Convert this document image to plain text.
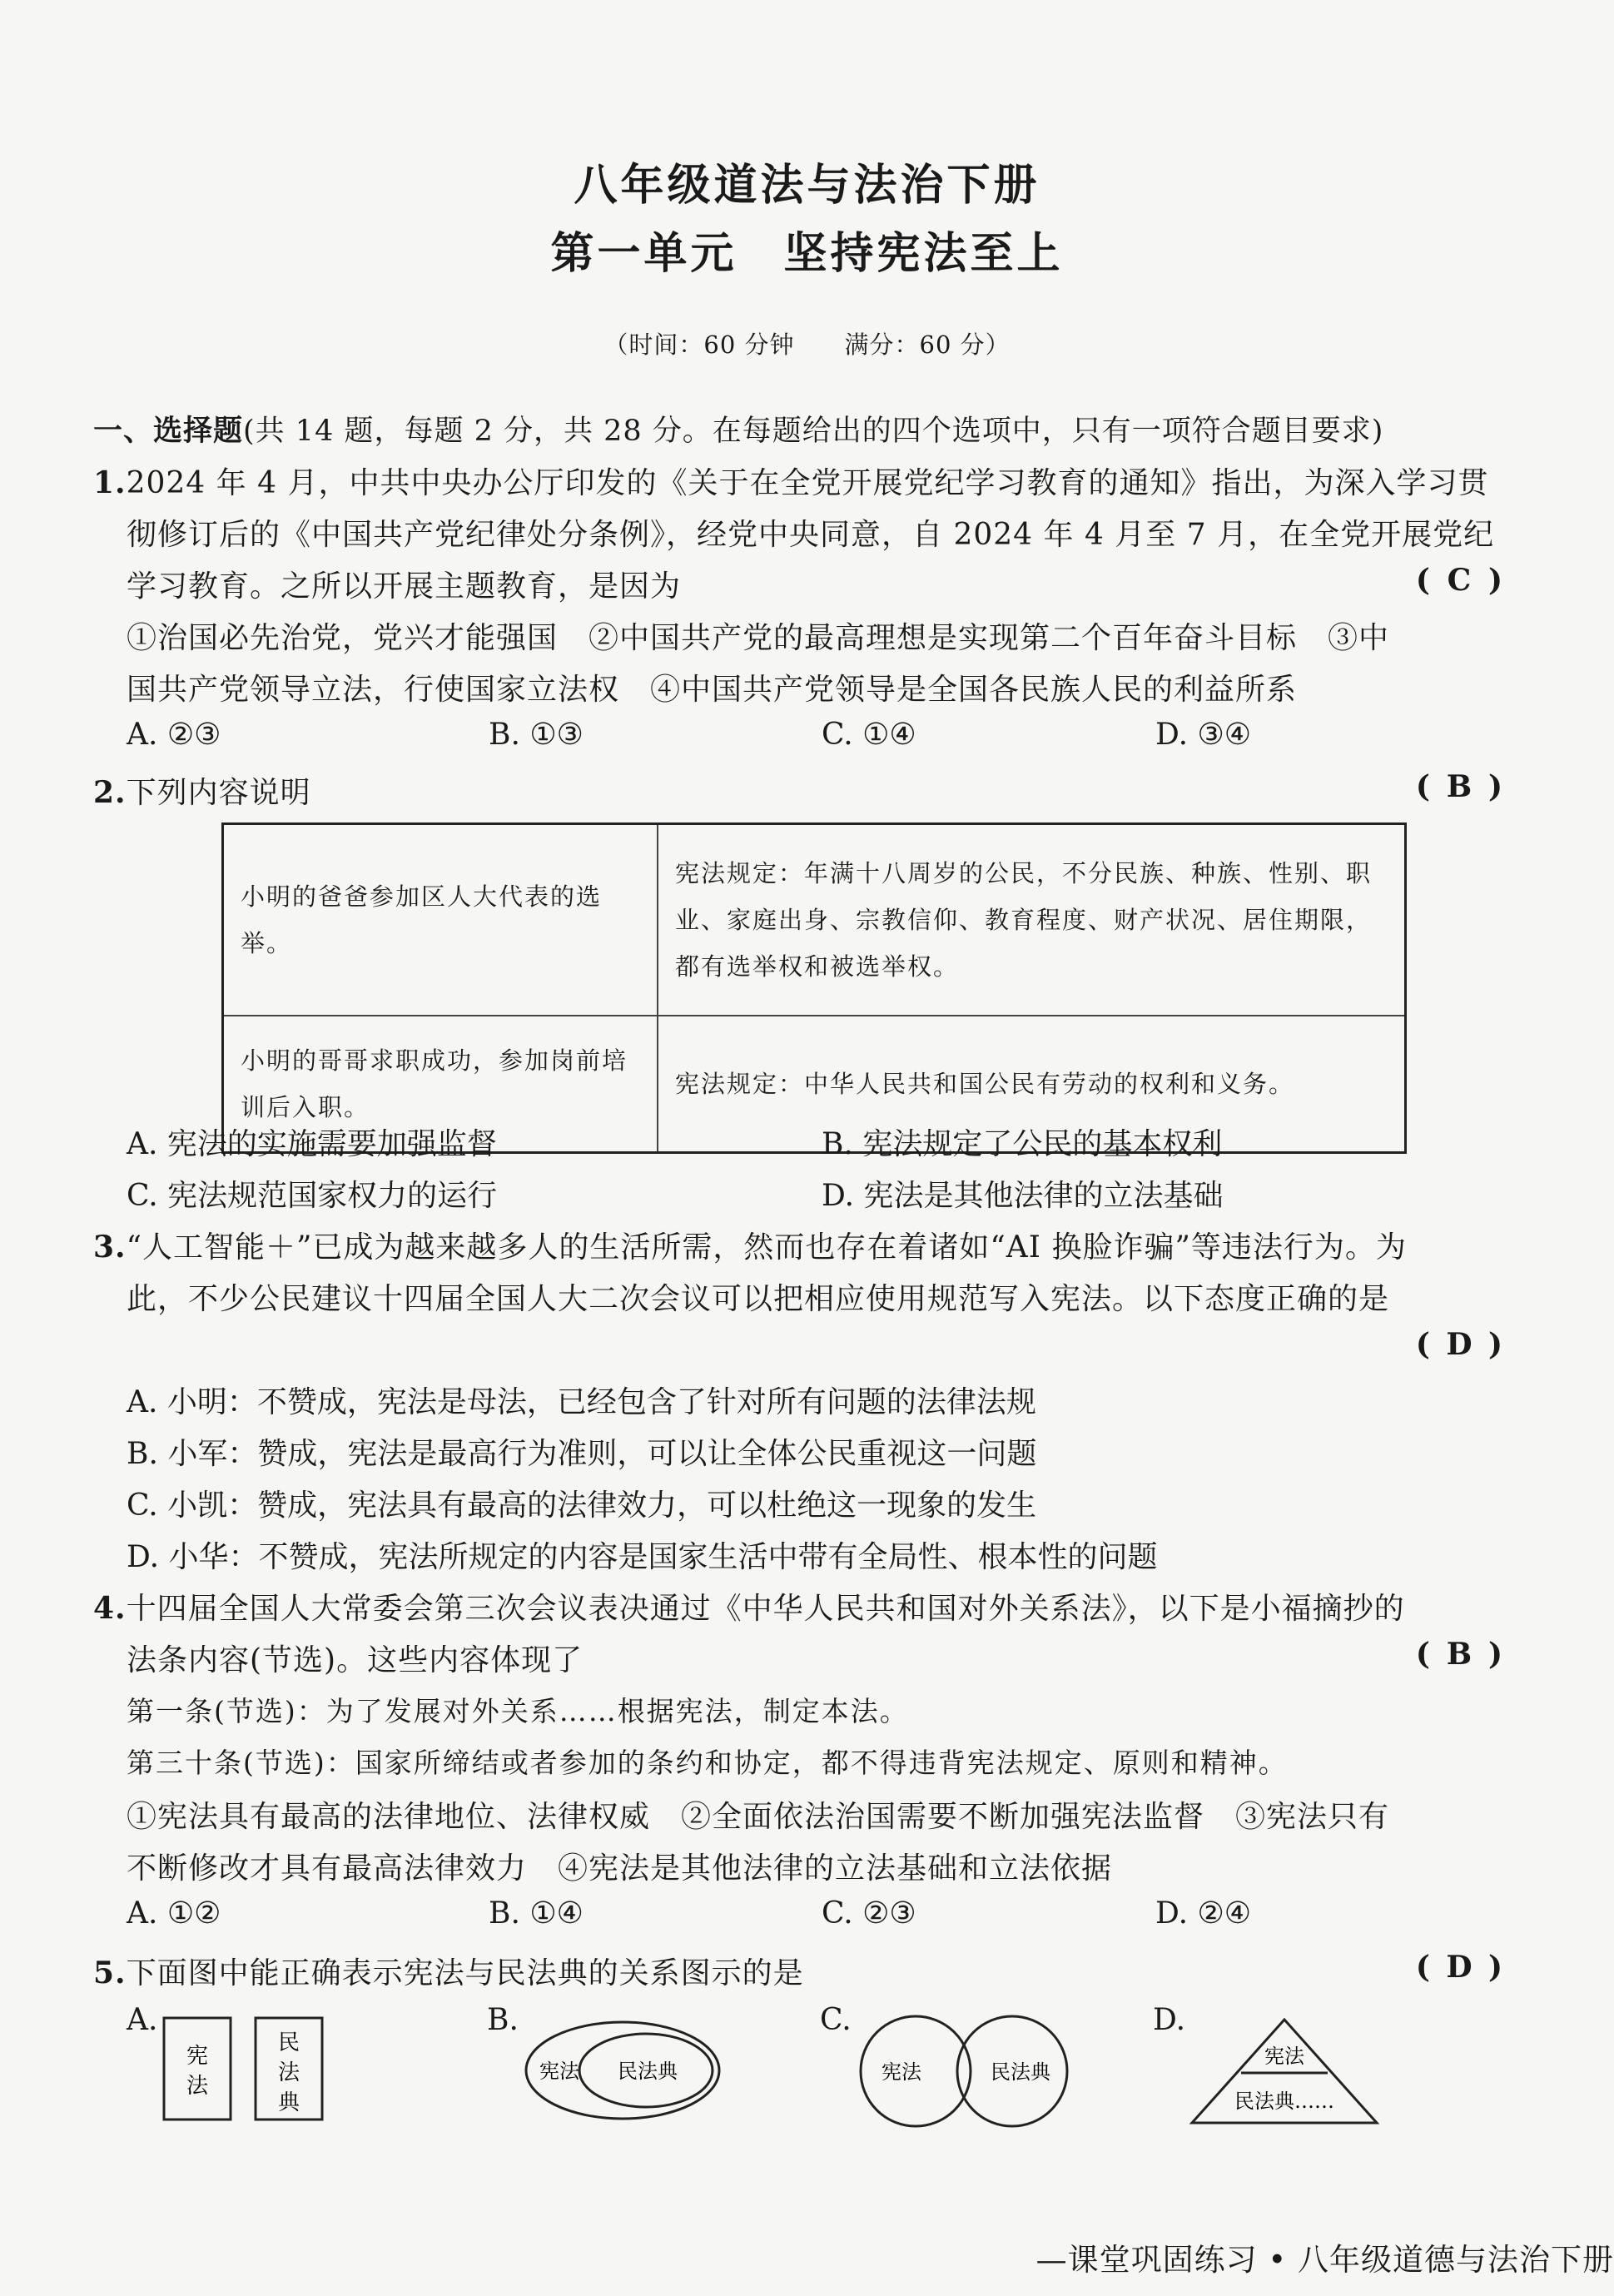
八年级道法与法治下册
第一单元　坚持宪法至上
（时间：60 分钟　　满分：60 分）
一、选择题(共 14 题，每题 2 分，共 28 分。在每题给出的四个选项中，只有一项符合题目要求)
1.2024 年 4 月，中共中央办公厅印发的《关于在全党开展党纪学习教育的通知》指出，为深入学习贯
彻修订后的《中国共产党纪律处分条例》，经党中央同意，自 2024 年 4 月至 7 月，在全党开展党纪
学习教育。之所以开展主题教育，是因为	( C )
①治国必先治党，党兴才能强国　②中国共产党的最高理想是实现第二个百年奋斗目标　③中
国共产党领导立法，行使国家立法权　④中国共产党领导是全国各民族人民的利益所系
A. ②③	B. ①③	C. ①④	D. ③④
2.下列内容说明	( B )
小明的爸爸参加区人大代表的选举。	宪法规定：年满十八周岁的公民，不分民族、种族、性别、职业、家庭出身、宗教信仰、教育程度、财产状况、居住期限，都有选举权和被选举权。
小明的哥哥求职成功，参加岗前培训后入职。	宪法规定：中华人民共和国公民有劳动的权利和义务。
A. 宪法的实施需要加强监督	B. 宪法规定了公民的基本权利
C. 宪法规范国家权力的运行	D. 宪法是其他法律的立法基础
3.“人工智能＋”已成为越来越多人的生活所需，然而也存在着诸如“AI 换脸诈骗”等违法行为。为
此，不少公民建议十四届全国人大二次会议可以把相应使用规范写入宪法。以下态度正确的是
( D )
A. 小明：不赞成，宪法是母法，已经包含了针对所有问题的法律法规
B. 小军：赞成，宪法是最高行为准则，可以让全体公民重视这一问题
C. 小凯：赞成，宪法具有最高的法律效力，可以杜绝这一现象的发生
D. 小华：不赞成，宪法所规定的内容是国家生活中带有全局性、根本性的问题
4.十四届全国人大常委会第三次会议表决通过《中华人民共和国对外关系法》，以下是小福摘抄的
法条内容(节选)。这些内容体现了	( B )
第一条(节选)：为了发展对外关系……根据宪法，制定本法。
第三十条(节选)：国家所缔结或者参加的条约和协定，都不得违背宪法规定、原则和精神。
①宪法具有最高的法律地位、法律权威　②全面依法治国需要不断加强宪法监督　③宪法只有
不断修改才具有最高法律效力　④宪法是其他法律的立法基础和立法依据
A. ①②	B. ①④	C. ②③	D. ②④
5.下面图中能正确表示宪法与民法典的关系图示的是	( D )
A.	B.	C.	D.
宪
法
民
法
典
宪法 民法典	宪法	民法典
宪法
民法典……
—课堂巩固练习 • 八年级道德与法治下册
